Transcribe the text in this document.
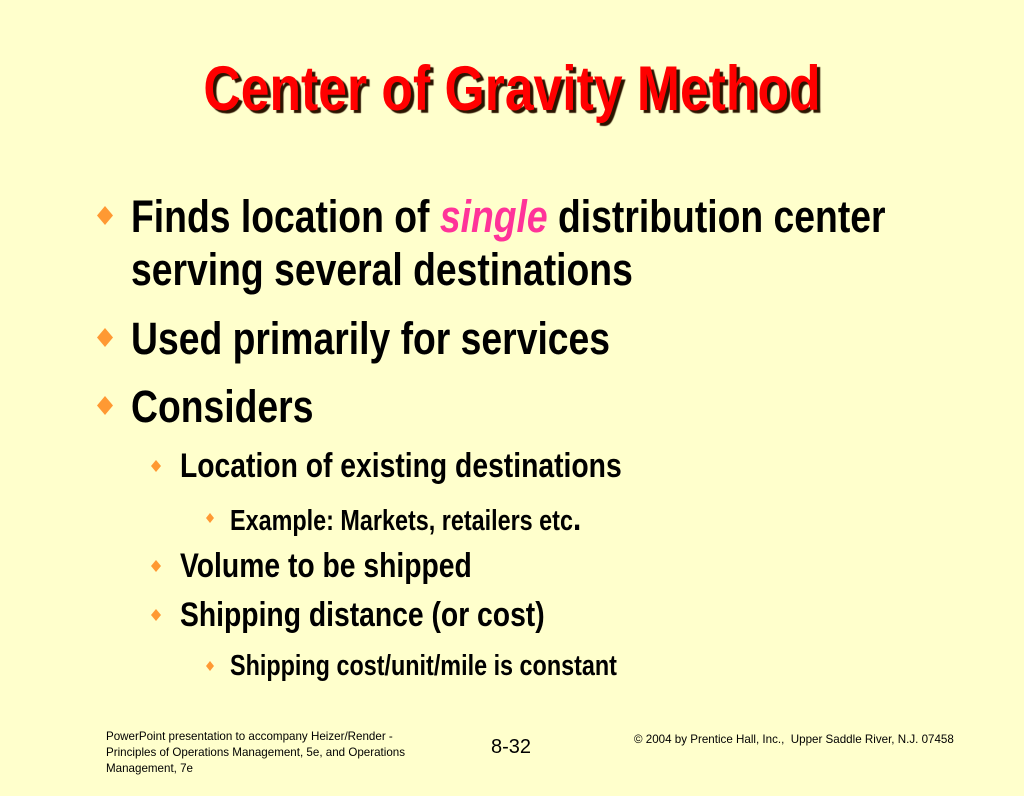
Center of Gravity Method
Finds location of single distribution center serving several destinations
Used primarily for services
Considers
Location of existing destinations
Example: Markets, retailers etc.
Volume to be shipped
Shipping distance (or cost)
Shipping cost/unit/mile is constant
PowerPoint presentation to accompany Heizer/Render - Principles of Operations Management, 5e, and Operations Management, 7e
8-32	© 2004 by Prentice Hall, Inc.,  Upper Saddle River, N.J. 07458
